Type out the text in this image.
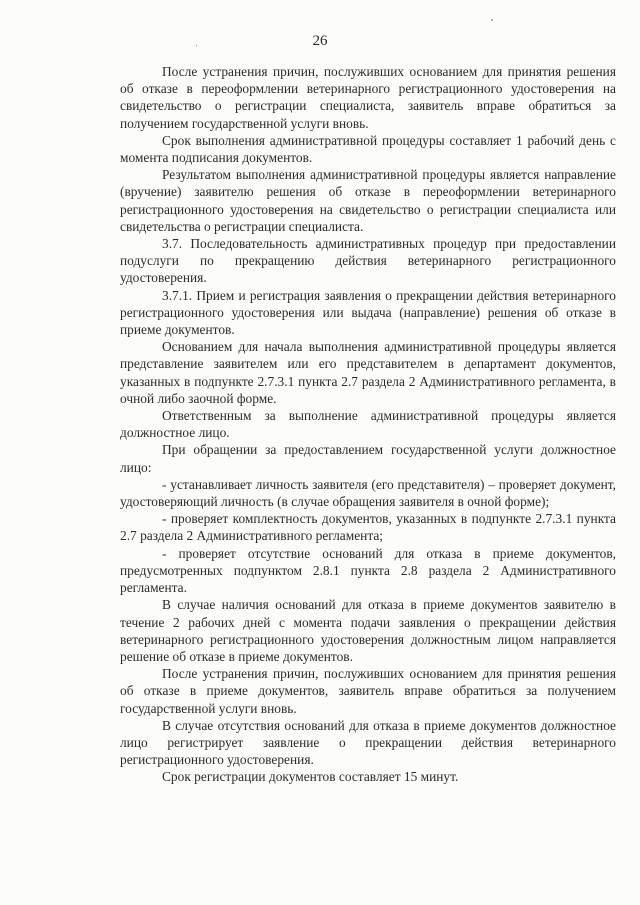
26

После устранения причин, послуживших основанием для принятия решения об отказе в переоформлении ветеринарного регистрационного удостоверения на свидетельство о регистрации специалиста, заявитель вправе обратиться за получением государственной услуги вновь.

Срок выполнения административной процедуры составляет 1 рабочий день с момента подписания документов.

Результатом выполнения административной процедуры является направление (вручение) заявителю решения об отказе в переоформлении ветеринарного регистрационного удостоверения на свидетельство о регистрации специалиста или свидетельства о регистрации специалиста.

3.7. Последовательность административных процедур при предоставлении подуслуги по прекращению действия ветеринарного регистрационного удостоверения.

3.7.1. Прием и регистрация заявления о прекращении действия ветеринарного регистрационного удостоверения или выдача (направление) решения об отказе в приеме документов.

Основанием для начала выполнения административной процедуры является представление заявителем или его представителем в департамент документов, указанных в подпункте 2.7.3.1 пункта 2.7 раздела 2 Административного регламента, в очной либо заочной форме.

Ответственным за выполнение административной процедуры является должностное лицо.

При обращении за предоставлением государственной услуги должностное лицо:

- устанавливает личность заявителя (его представителя) – проверяет документ, удостоверяющий личность (в случае обращения заявителя в очной форме);

- проверяет комплектность документов, указанных в подпункте 2.7.3.1 пункта 2.7 раздела 2 Административного регламента;

- проверяет отсутствие оснований для отказа в приеме документов, предусмотренных подпунктом 2.8.1 пункта 2.8 раздела 2 Административного регламента.

В случае наличия оснований для отказа в приеме документов заявителю в течение 2 рабочих дней с момента подачи заявления о прекращении действия ветеринарного регистрационного удостоверения должностным лицом направляется решение об отказе в приеме документов.

После устранения причин, послуживших основанием для принятия решения об отказе в приеме документов, заявитель вправе обратиться за получением государственной услуги вновь.

В случае отсутствия оснований для отказа в приеме документов должностное лицо регистрирует заявление о прекращении действия ветеринарного регистрационного удостоверения.

Срок регистрации документов составляет 15 минут.
